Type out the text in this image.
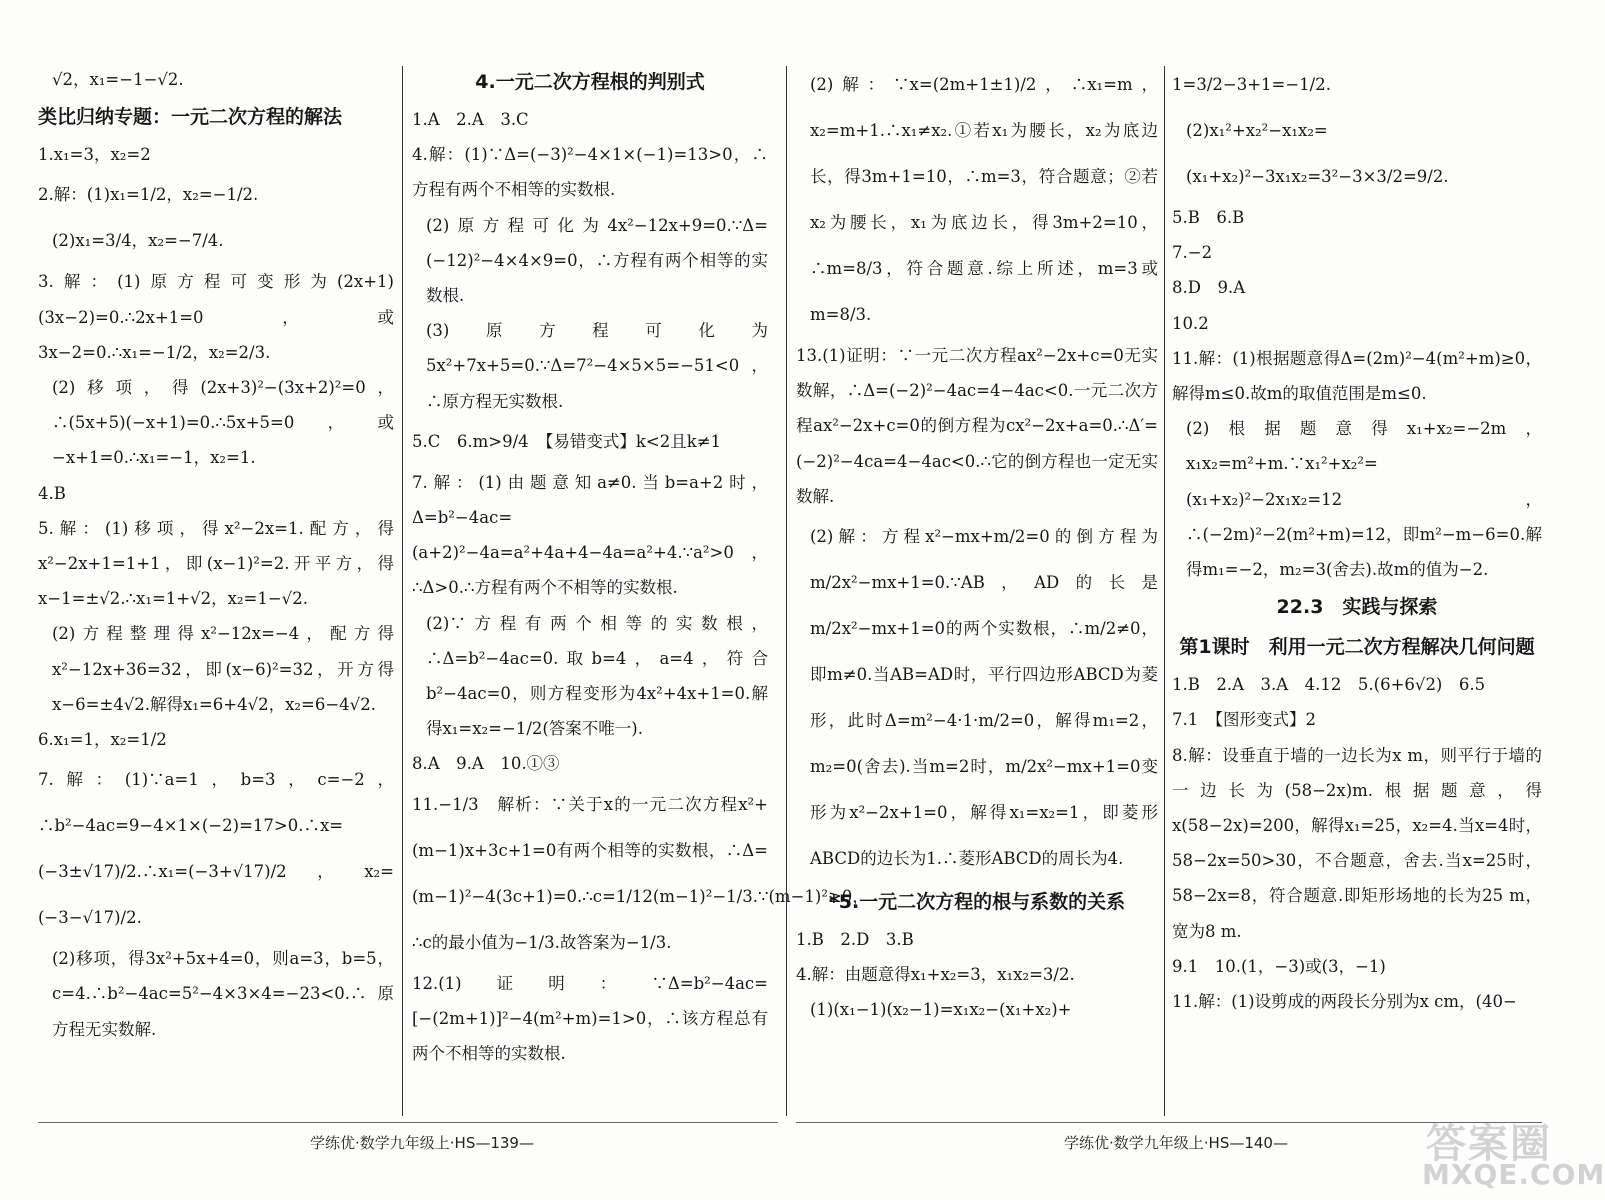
√2，x₁=−1−√2.

类比归纳专题：一元二次方程的解法

1.x₁=3，x₂=2

2.解：(1)x₁=1/2，x₂=−1/2.

(2)x₁=3/4，x₂=−7/4.

3.解：(1)原方程可变形为(2x+1)(3x−2)=0.∴2x+1=0，或3x−2=0.∴x₁=−1/2，x₂=2/3.

(2)移项，得(2x+3)²−(3x+2)²=0，∴(5x+5)(−x+1)=0.∴5x+5=0，或−x+1=0.∴x₁=−1，x₂=1.

4.B

5.解：(1)移项，得x²−2x=1.配方，得x²−2x+1=1+1，即(x−1)²=2.开平方，得x−1=±√2.∴x₁=1+√2，x₂=1−√2.

(2)方程整理得x²−12x=−4，配方得x²−12x+36=32，即(x−6)²=32，开方得x−6=±4√2.解得x₁=6+4√2，x₂=6−4√2.

6.x₁=1，x₂=1/2

7.解：(1)∵a=1，b=3，c=−2，∴b²−4ac=9−4×1×(−2)=17>0.∴x=(−3±√17)/2.∴x₁=(−3+√17)/2，x₂=(−3−√17)/2.

(2)移项，得3x²+5x+4=0，则a=3，b=5，c=4.∴b²−4ac=5²−4×3×4=−23<0.∴原方程无实数解.

4.一元二次方程根的判别式

1.A　2.A　3.C

4.解：(1)∵Δ=(−3)²−4×1×(−1)=13>0，∴方程有两个不相等的实数根.

(2)原方程可化为4x²−12x+9=0.∵Δ=(−12)²−4×4×9=0，∴方程有两个相等的实数根.

(3)原方程可化为5x²+7x+5=0.∵Δ=7²−4×5×5=−51<0，∴原方程无实数根.

5.C　6.m>9/4　【易错变式】k<2且k≠1

7.解：(1)由题意知a≠0.当b=a+2时，Δ=b²−4ac=(a+2)²−4a=a²+4a+4−4a=a²+4.∵a²>0，∴Δ>0.∴方程有两个不相等的实数根.

(2)∵方程有两个相等的实数根，∴Δ=b²−4ac=0.取b=4，a=4，符合b²−4ac=0，则方程变形为4x²+4x+1=0.解得x₁=x₂=−1/2(答案不唯一).

8.A　9.A　10.①③

11.−1/3　解析：∵关于x的一元二次方程x²+(m−1)x+3c+1=0有两个相等的实数根，∴Δ=(m−1)²−4(3c+1)=0.∴c=1/12(m−1)²−1/3.∵(m−1)²≥0，∴c的最小值为−1/3.故答案为−1/3.

12.(1)证明：∵Δ=b²−4ac=[−(2m+1)]²−4(m²+m)=1>0，∴该方程总有两个不相等的实数根.

(2)解：∵x=(2m+1±1)/2，∴x₁=m，x₂=m+1.∴x₁≠x₂.①若x₁为腰长，x₂为底边长，得3m+1=10，∴m=3，符合题意；②若x₂为腰长，x₁为底边长，得3m+2=10，∴m=8/3，符合题意.综上所述，m=3或m=8/3.

13.(1)证明：∵一元二次方程ax²−2x+c=0无实数解，∴Δ=(−2)²−4ac=4−4ac<0.一元二次方程ax²−2x+c=0的倒方程为cx²−2x+a=0.∴Δ′=(−2)²−4ca=4−4ac<0.∴它的倒方程也一定无实数解.

(2)解：方程x²−mx+m/2=0的倒方程为m/2x²−mx+1=0.∵AB，AD的长是m/2x²−mx+1=0的两个实数根，∴m/2≠0，即m≠0.当AB=AD时，平行四边形ABCD为菱形，此时Δ=m²−4·1·m/2=0，解得m₁=2，m₂=0(舍去).当m=2时，m/2x²−mx+1=0变形为x²−2x+1=0，解得x₁=x₂=1，即菱形ABCD的边长为1.∴菱形ABCD的周长为4.

*5.一元二次方程的根与系数的关系

1.B　2.D　3.B

4.解：由题意得x₁+x₂=3，x₁x₂=3/2.

(1)(x₁−1)(x₂−1)=x₁x₂−(x₁+x₂)+

1=3/2−3+1=−1/2.

(2)x₁²+x₂²−x₁x₂=(x₁+x₂)²−3x₁x₂=3²−3×3/2=9/2.

5.B　6.B

7.−2

8.D　9.A

10.2

11.解：(1)根据题意得Δ=(2m)²−4(m²+m)≥0，解得m≤0.故m的取值范围是m≤0.

(2)根据题意得x₁+x₂=−2m，x₁x₂=m²+m.∵x₁²+x₂²=(x₁+x₂)²−2x₁x₂=12，∴(−2m)²−2(m²+m)=12，即m²−m−6=0.解得m₁=−2，m₂=3(舍去).故m的值为−2.

22.3　实践与探索

第1课时　利用一元二次方程解决几何问题

1.B　2.A　3.A　4.12　5.(6+6√2)　6.5

7.1　【图形变式】2

8.解：设垂直于墙的一边长为x m，则平行于墙的一边长为(58−2x)m.根据题意，得x(58−2x)=200，解得x₁=25，x₂=4.当x=4时，58−2x=50>30，不合题意，舍去.当x=25时，58−2x=8，符合题意.即矩形场地的长为25 m，宽为8 m.

9.1　10.(1，−3)或(3，−1)

11.解：(1)设剪成的两段长分别为x cm，(40−

学练优·数学九年级上·HS—139—	学练优·数学九年级上·HS—140—	答案圈
MXQE.COM
